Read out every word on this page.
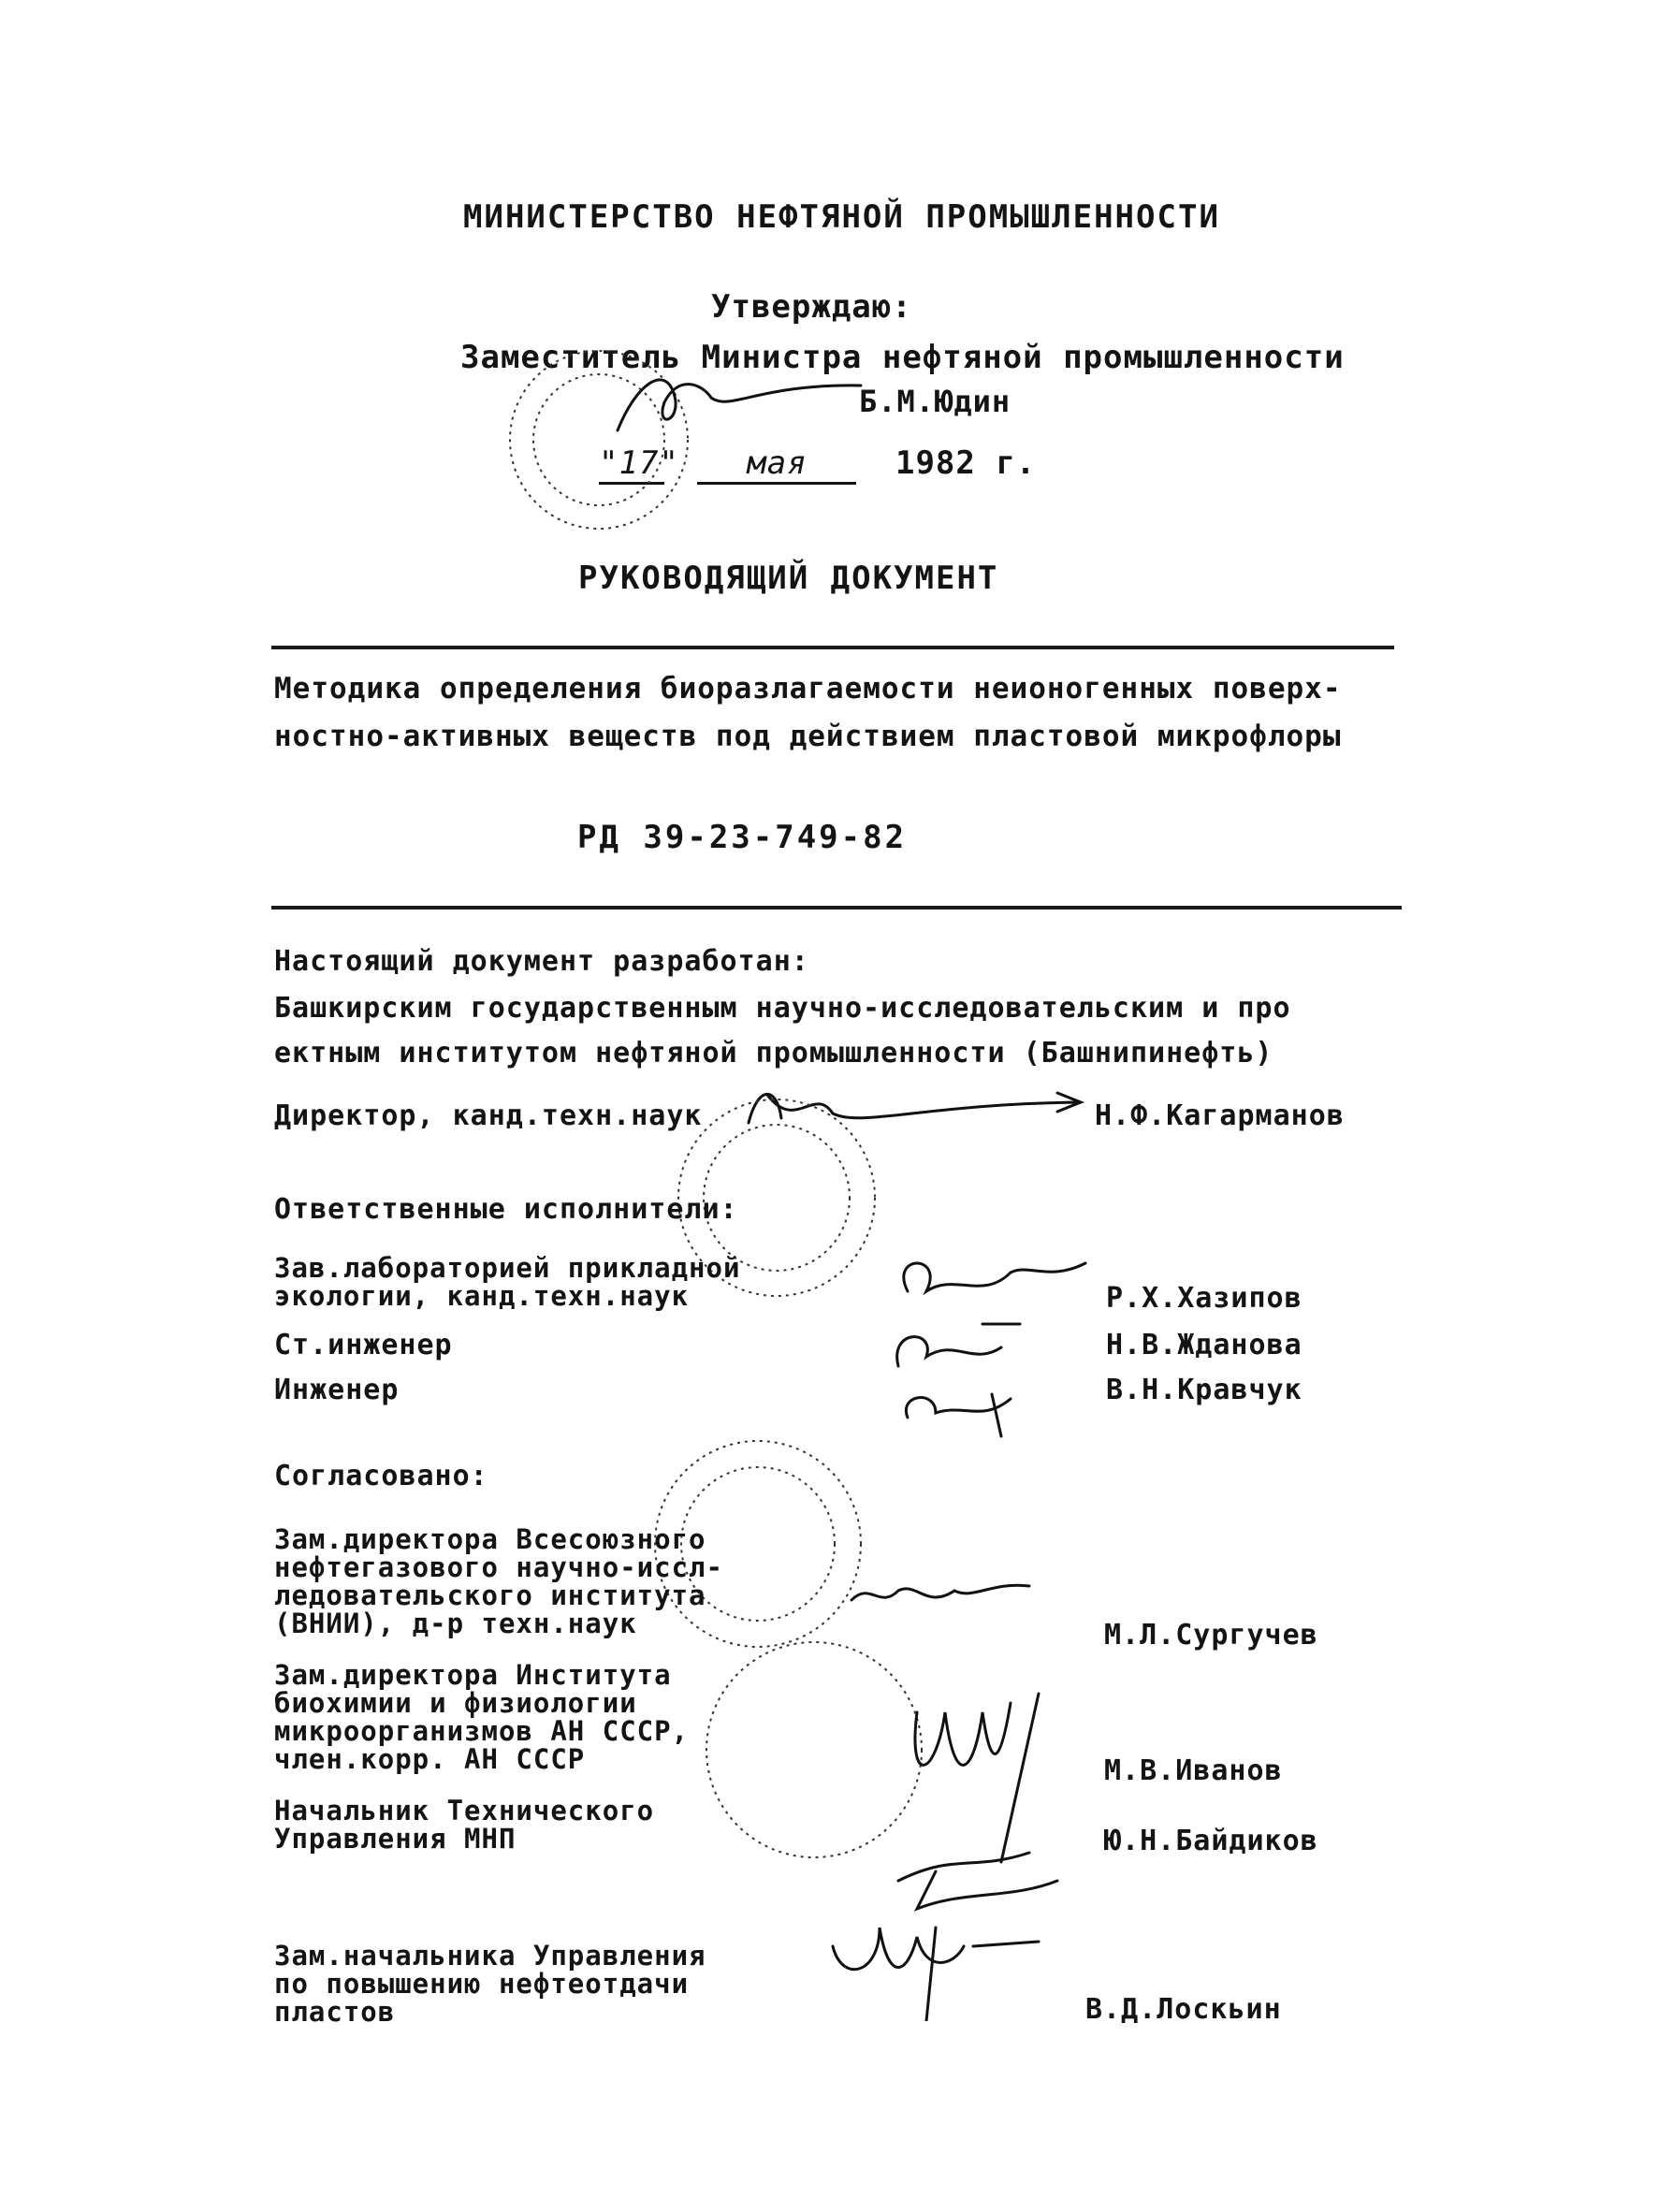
МИНИСТЕРСТВО НЕФТЯНОЙ ПРОМЫШЛЕННОСТИ
Утверждаю:
Заместитель Министра нефтяной промышленности
Б.М.Юдин
"17" мая	1982 г.
РУКОВОДЯЩИЙ ДОКУМЕНТ
Методика определения биоразлагаемости неионогенных поверх-
ностно-активных веществ под действием пластовой микрофлоры
РД 39-23-749-82
Настоящий документ разработан:
Башкирским государственным научно-исследовательским и про
ектным институтом нефтяной промышленности (Башнипинефть)
Директор, канд.техн.наук	Н.Ф.Кагарманов
Ответственные исполнители:
Зав.лабораторией прикладной
экологии, канд.техн.наук	Р.Х.Хазипов
Ст.инженер	Н.В.Жданова
Инженер	В.Н.Кравчук
Согласовано:
Зам.директора Всесоюзного
нефтегазового научно-иссл-
ледовательского института
(ВНИИ), д-р техн.наук	М.Л.Сургучев
Зам.директора Института
биохимии и физиологии
микроорганизмов АН СССР,
член.корр. АН СССР	М.В.Иванов
Начальник Технического
Управления МНП	Ю.Н.Байдиков
Зам.начальника Управления
по повышению нефтеотдачи
пластов	В.Д.Лоскьин
